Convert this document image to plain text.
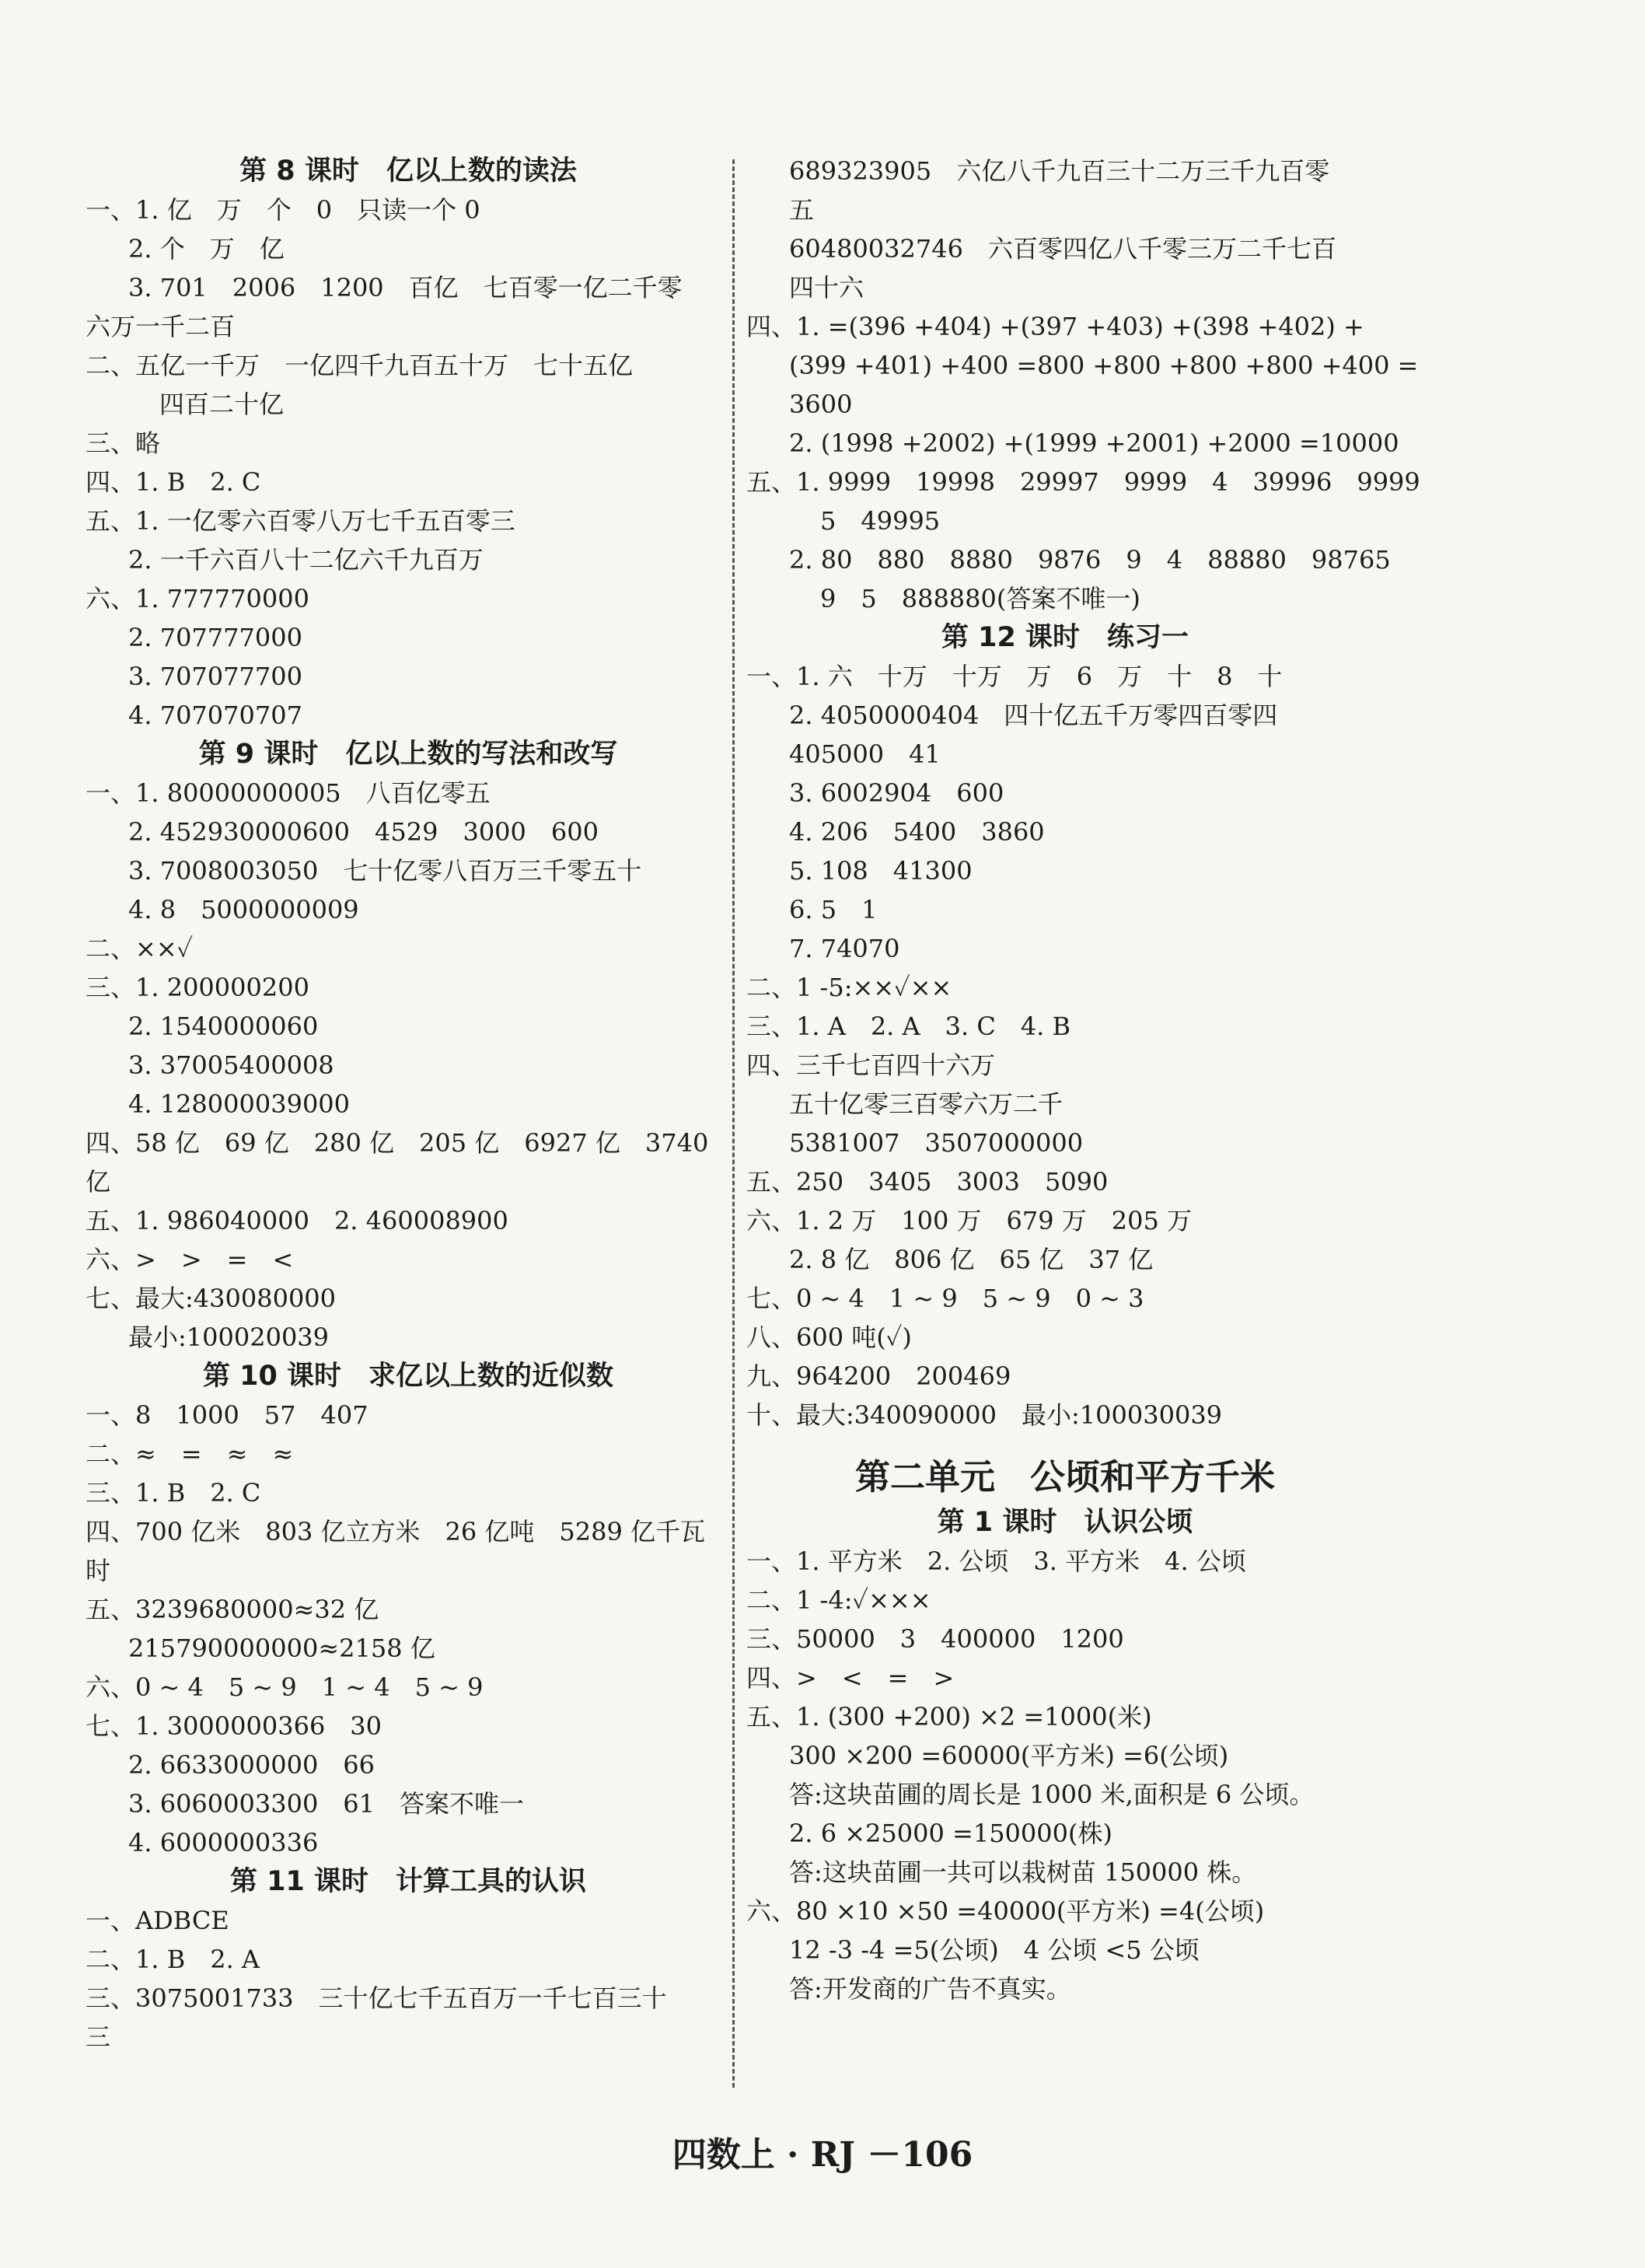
第 8 课时　亿以上数的读法
一、1. 亿　万　个　0　只读一个 0
2. 个　万　亿
3. 701　2006　1200　百亿　七百零一亿二千零
六万一千二百
二、五亿一千万　一亿四千九百五十万　七十五亿
四百二十亿
三、略
四、1. B　2. C
五、1. 一亿零六百零八万七千五百零三
2. 一千六百八十二亿六千九百万
六、1. 777770000
2. 707777000
3. 707077700
4. 707070707
第 9 课时　亿以上数的写法和改写
一、1. 80000000005　八百亿零五
2. 452930000600　4529　3000　600
3. 7008003050　七十亿零八百万三千零五十
4. 8　5000000009
二、××✓
三、1. 200000200
2. 1540000060
3. 37005400008
4. 128000039000
四、58 亿　69 亿　280 亿　205 亿　6927 亿　3740
亿
五、1. 986040000　2. 460008900
六、>　>　=　<
七、最大:430080000
最小:100020039
第 10 课时　求亿以上数的近似数
一、8　1000　57　407
二、≈　=　≈　≈
三、1. B　2. C
四、700 亿米　803 亿立方米　26 亿吨　5289 亿千瓦
时
五、3239680000≈32 亿
215790000000≈2158 亿
六、0 ~ 4　5 ~ 9　1 ~ 4　5 ~ 9
七、1. 3000000366　30
2. 6633000000　66
3. 6060003300　61　答案不唯一
4. 6000000336
第 11 课时　计算工具的认识
一、ADBCE
二、1. B　2. A
三、3075001733　三十亿七千五百万一千七百三十
三
689323905　六亿八千九百三十二万三千九百零
五
60480032746　六百零四亿八千零三万二千七百
四十六
四、1. =(396 +404) +(397 +403) +(398 +402) +
(399 +401) +400 =800 +800 +800 +800 +400 =
3600
2. (1998 +2002) +(1999 +2001) +2000 =10000
五、1. 9999　19998　29997　9999　4　39996　9999
5　49995
2. 80　880　8880　9876　9　4　88880　98765
9　5　888880(答案不唯一)
第 12 课时　练习一
一、1. 六　十万　十万　万　6　万　十　8　十
2. 4050000404　四十亿五千万零四百零四
405000　41
3. 6002904　600
4. 206　5400　3860
5. 108　41300
6. 5　1
7. 74070
二、1 -5:××✓××
三、1. A　2. A　3. C　4. B
四、三千七百四十六万
五十亿零三百零六万二千
5381007　3507000000
五、250　3405　3003　5090
六、1. 2 万　100 万　679 万　205 万
2. 8 亿　806 亿　65 亿　37 亿
七、0 ~ 4　1 ~ 9　5 ~ 9　0 ~ 3
八、600 吨(✓)
九、964200　200469
十、最大:340090000　最小:100030039
第二单元　公顷和平方千米
第 1 课时　认识公顷
一、1. 平方米　2. 公顷　3. 平方米　4. 公顷
二、1 -4:✓×××
三、50000　3　400000　1200
四、>　<　=　>
五、1. (300 +200) ×2 =1000(米)
300 ×200 =60000(平方米) =6(公顷)
答:这块苗圃的周长是 1000 米,面积是 6 公顷。
2. 6 ×25000 =150000(株)
答:这块苗圃一共可以栽树苗 150000 株。
六、80 ×10 ×50 =40000(平方米) =4(公顷)
12 -3 -4 =5(公顷)　4 公顷 <5 公顷
答:开发商的广告不真实。
四数上 · RJ －106
